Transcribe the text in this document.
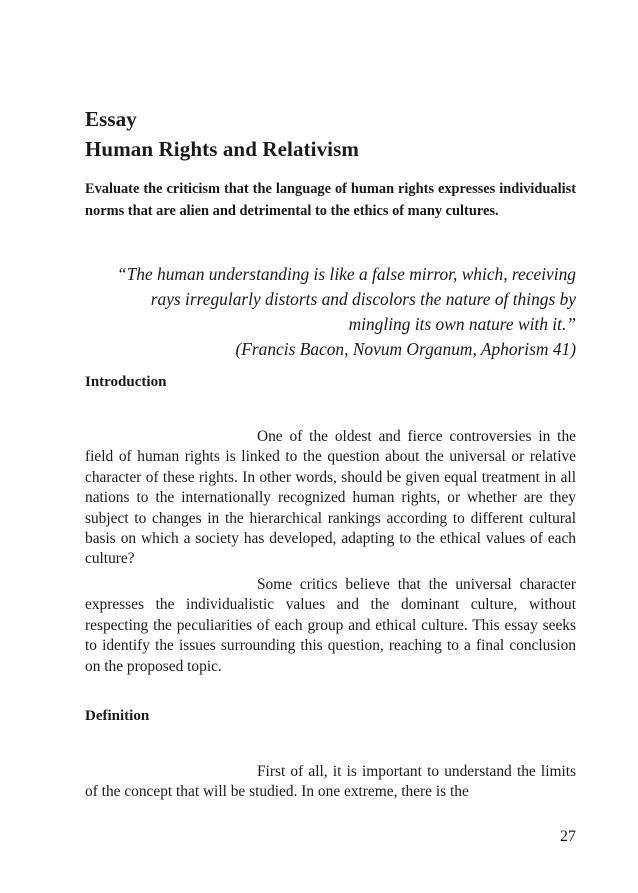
Essay
Human Rights and Relativism

Evaluate the criticism that the language of human rights expresses individualist norms that are alien and detrimental to the ethics of many cultures.

“The human understanding is like a false mirror, which, receiving

rays irregularly distorts and discolors the nature of things by

mingling its own nature with it.”

(Francis Bacon, Novum Organum, Aphorism 41)

Introduction

One of the oldest and fierce controversies in the field of human rights is linked to the question about the universal or relative character of these rights. In other words, should be given equal treatment in all nations to the internationally recognized human rights, or whether are they subject to changes in the hierarchical rankings according to different cultural basis on which a society has developed, adapting to the ethical values of each culture?

Some critics believe that the universal character expresses the individualistic values and the dominant culture, without respecting the peculiarities of each group and ethical culture. This essay seeks to identify the issues surrounding this question, reaching to a final conclusion on the proposed topic.

Definition

First of all, it is important to understand the limits of the concept that will be studied. In one extreme, there is the

27
